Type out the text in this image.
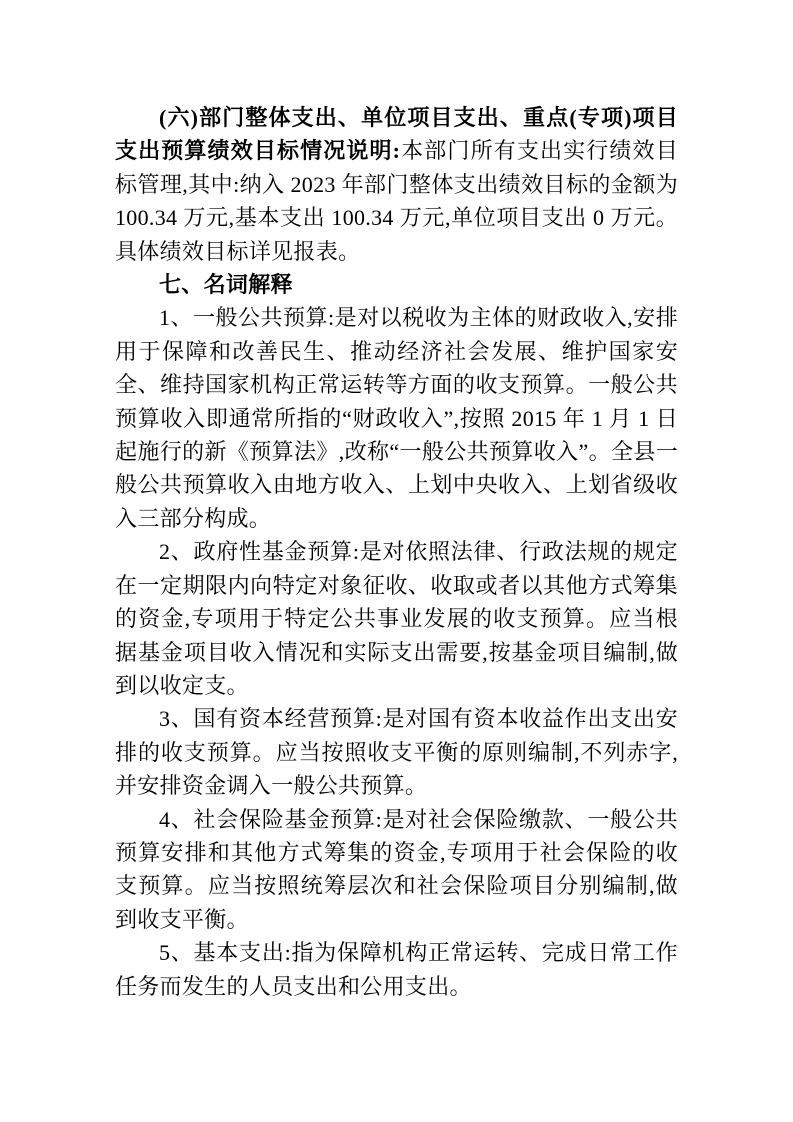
(六)部门整体支出、单位项目支出、重点(专项)项目支出预算绩效目标情况说明:本部门所有支出实行绩效目标管理,其中:纳入 2023 年部门整体支出绩效目标的金额为 100.34 万元,基本支出 100.34 万元,单位项目支出 0 万元。具体绩效目标详见报表。

七、名词解释

1、一般公共预算:是对以税收为主体的财政收入,安排用于保障和改善民生、推动经济社会发展、维护国家安全、维持国家机构正常运转等方面的收支预算。一般公共预算收入即通常所指的“财政收入”,按照 2015 年 1 月 1 日起施行的新《预算法》,改称“一般公共预算收入”。全县一般公共预算收入由地方收入、上划中央收入、上划省级收入三部分构成。

2、政府性基金预算:是对依照法律、行政法规的规定在一定期限内向特定对象征收、收取或者以其他方式筹集的资金,专项用于特定公共事业发展的收支预算。应当根据基金项目收入情况和实际支出需要,按基金项目编制,做到以收定支。

3、国有资本经营预算:是对国有资本收益作出支出安排的收支预算。应当按照收支平衡的原则编制,不列赤字,并安排资金调入一般公共预算。

4、社会保险基金预算:是对社会保险缴款、一般公共预算安排和其他方式筹集的资金,专项用于社会保险的收支预算。应当按照统筹层次和社会保险项目分别编制,做到收支平衡。

5、基本支出:指为保障机构正常运转、完成日常工作任务而发生的人员支出和公用支出。
